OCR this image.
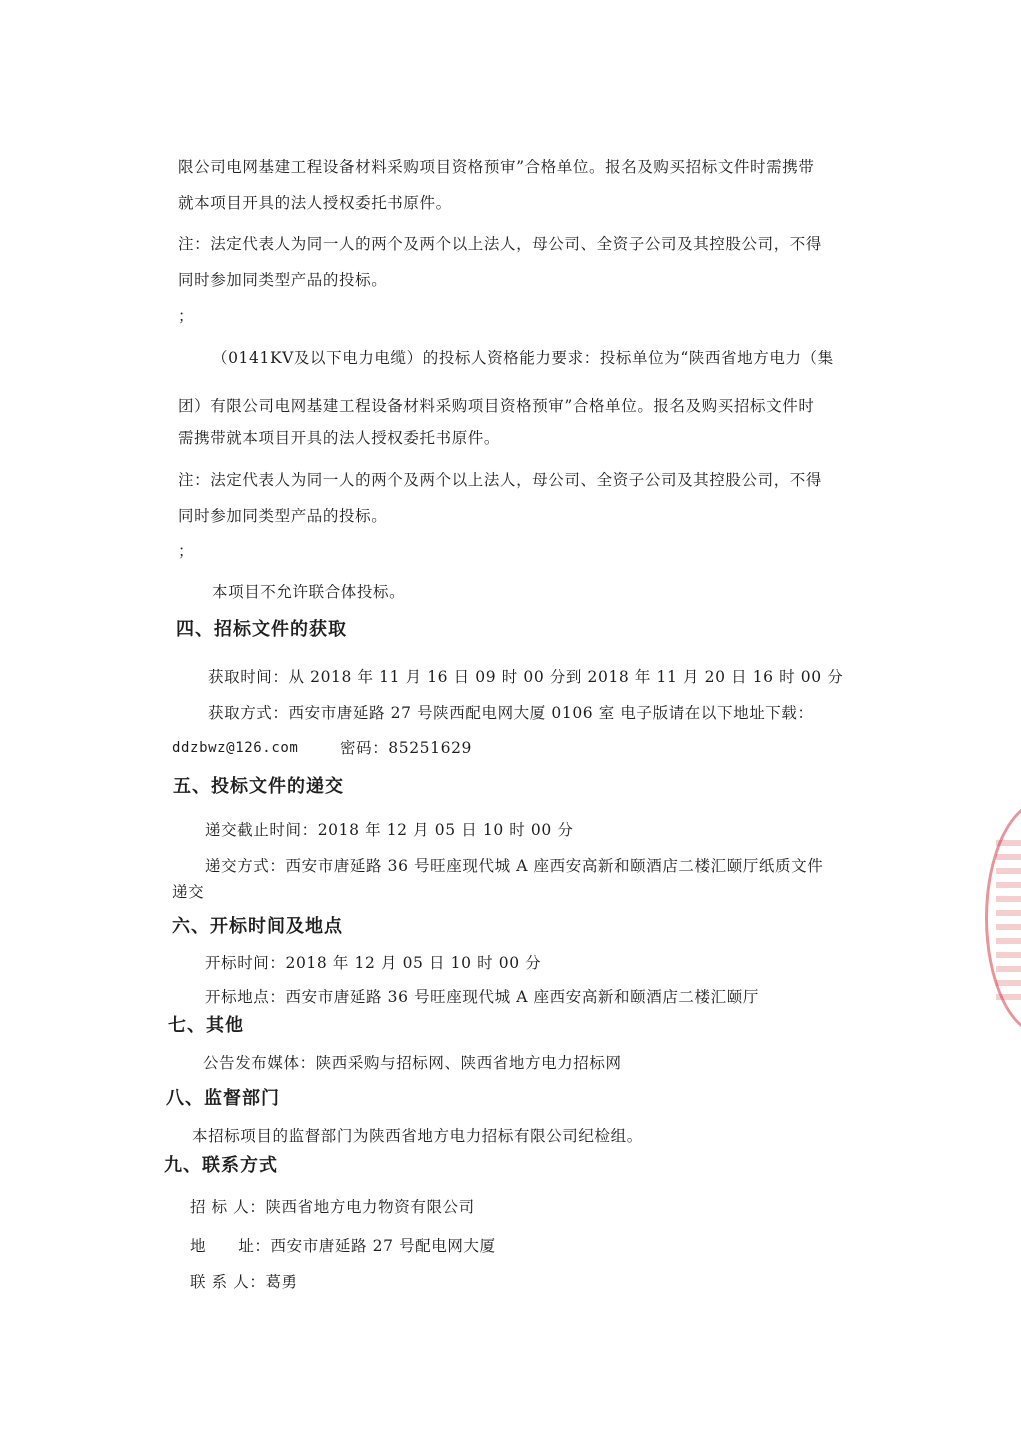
限公司电网基建工程设备材料采购项目资格预审”合格单位。报名及购买招标文件时需携带
就本项目开具的法人授权委托书原件。
注：法定代表人为同一人的两个及两个以上法人，母公司、全资子公司及其控股公司，不得
同时参加同类型产品的投标。
；
（0141KV及以下电力电缆）的投标人资格能力要求：投标单位为“陕西省地方电力（集
团）有限公司电网基建工程设备材料采购项目资格预审”合格单位。报名及购买招标文件时
需携带就本项目开具的法人授权委托书原件。
注：法定代表人为同一人的两个及两个以上法人，母公司、全资子公司及其控股公司，不得
同时参加同类型产品的投标。
；
本项目不允许联合体投标。
四、招标文件的获取
获取时间：从 2018 年 11 月 16 日 09 时 00 分到 2018 年 11 月 20 日 16 时 00 分
获取方式：西安市唐延路 27 号陕西配电网大厦 0106 室 电子版请在以下地址下载：
ddzbwz@126.com	密码：85251629
五、投标文件的递交
递交截止时间：2018 年 12 月 05 日 10 时 00 分
递交方式：西安市唐延路 36 号旺座现代城 A 座西安高新和颐酒店二楼汇颐厅纸质文件
递交
六、开标时间及地点
开标时间：2018 年 12 月 05 日 10 时 00 分
开标地点：西安市唐延路 36 号旺座现代城 A 座西安高新和颐酒店二楼汇颐厅
七、其他
公告发布媒体：陕西采购与招标网、陕西省地方电力招标网
八、监督部门
本招标项目的监督部门为陕西省地方电力招标有限公司纪检组。
九、联系方式
招 标 人：陕西省地方电力物资有限公司
地　　址：西安市唐延路 27 号配电网大厦
联 系 人：葛勇
